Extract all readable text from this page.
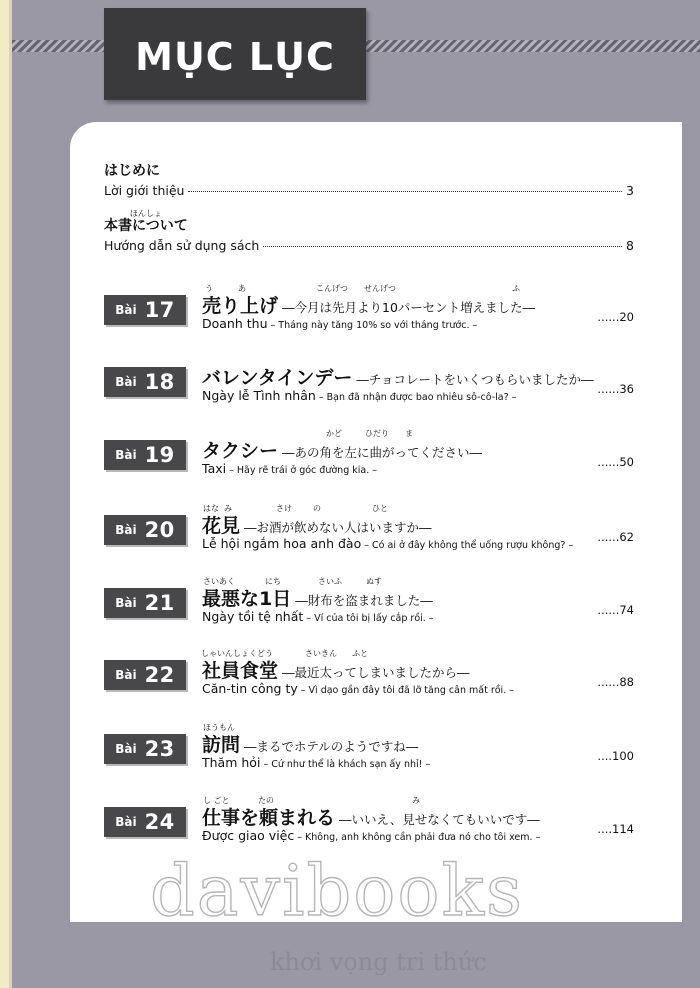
MỤC LỤC
はじめに
Lời giới thiệu	3
ほんしょ
本書について
Hướng dẫn sử dụng sách	8
Bài 17 売り上げ ―今月は先月より10パーセント増えました―
Doanh thu – Tháng này tăng 10% so với tháng trước. –
......20
Bài 18 バレンタインデー ―チョコレートをいくつもらいましたか―
Ngày lễ Tình nhân – Bạn đã nhận được bao nhiêu sô-cô-la? –
......36
Bài 19 タクシー ―あの角を左に曲がってください―
Taxi – Hãy rẽ trái ở góc đường kia. –
......50
Bài 20 花見 ―お酒が飲めない人はいますか―
Lễ hội ngắm hoa anh đào – Có ai ở đây không thể uống rượu không? –
......62
Bài 21 最悪な1日 ―財布を盗まれました―
Ngày tồi tệ nhất – Ví của tôi bị lấy cắp rồi. –
......74
Bài 22 社員食堂 ―最近太ってしまいましたから―
Căn-tin công ty – Vì dạo gần đây tôi đã lỡ tăng cân mất rồi. –
......88
Bài 23 訪問 ―まるでホテルのようですね―
Thăm hỏi – Cứ như thể là khách sạn ấy nhỉ! –
....100
Bài 24 仕事を頼まれる ―いいえ、見せなくてもいいです―
Được giao việc – Không, anh không cần phải đưa nó cho tôi xem. –
....114
う	あ	こんげつ せんげつ	ふ
かど	ひだり ま
はな み	さけ	の	ひと
さいあく	にち	さいふ	ぬす
しゃいんしょくどう	さいきん ふと
ほうもん
し ごと	たの	み
davibooks
khơi vọng tri thức
